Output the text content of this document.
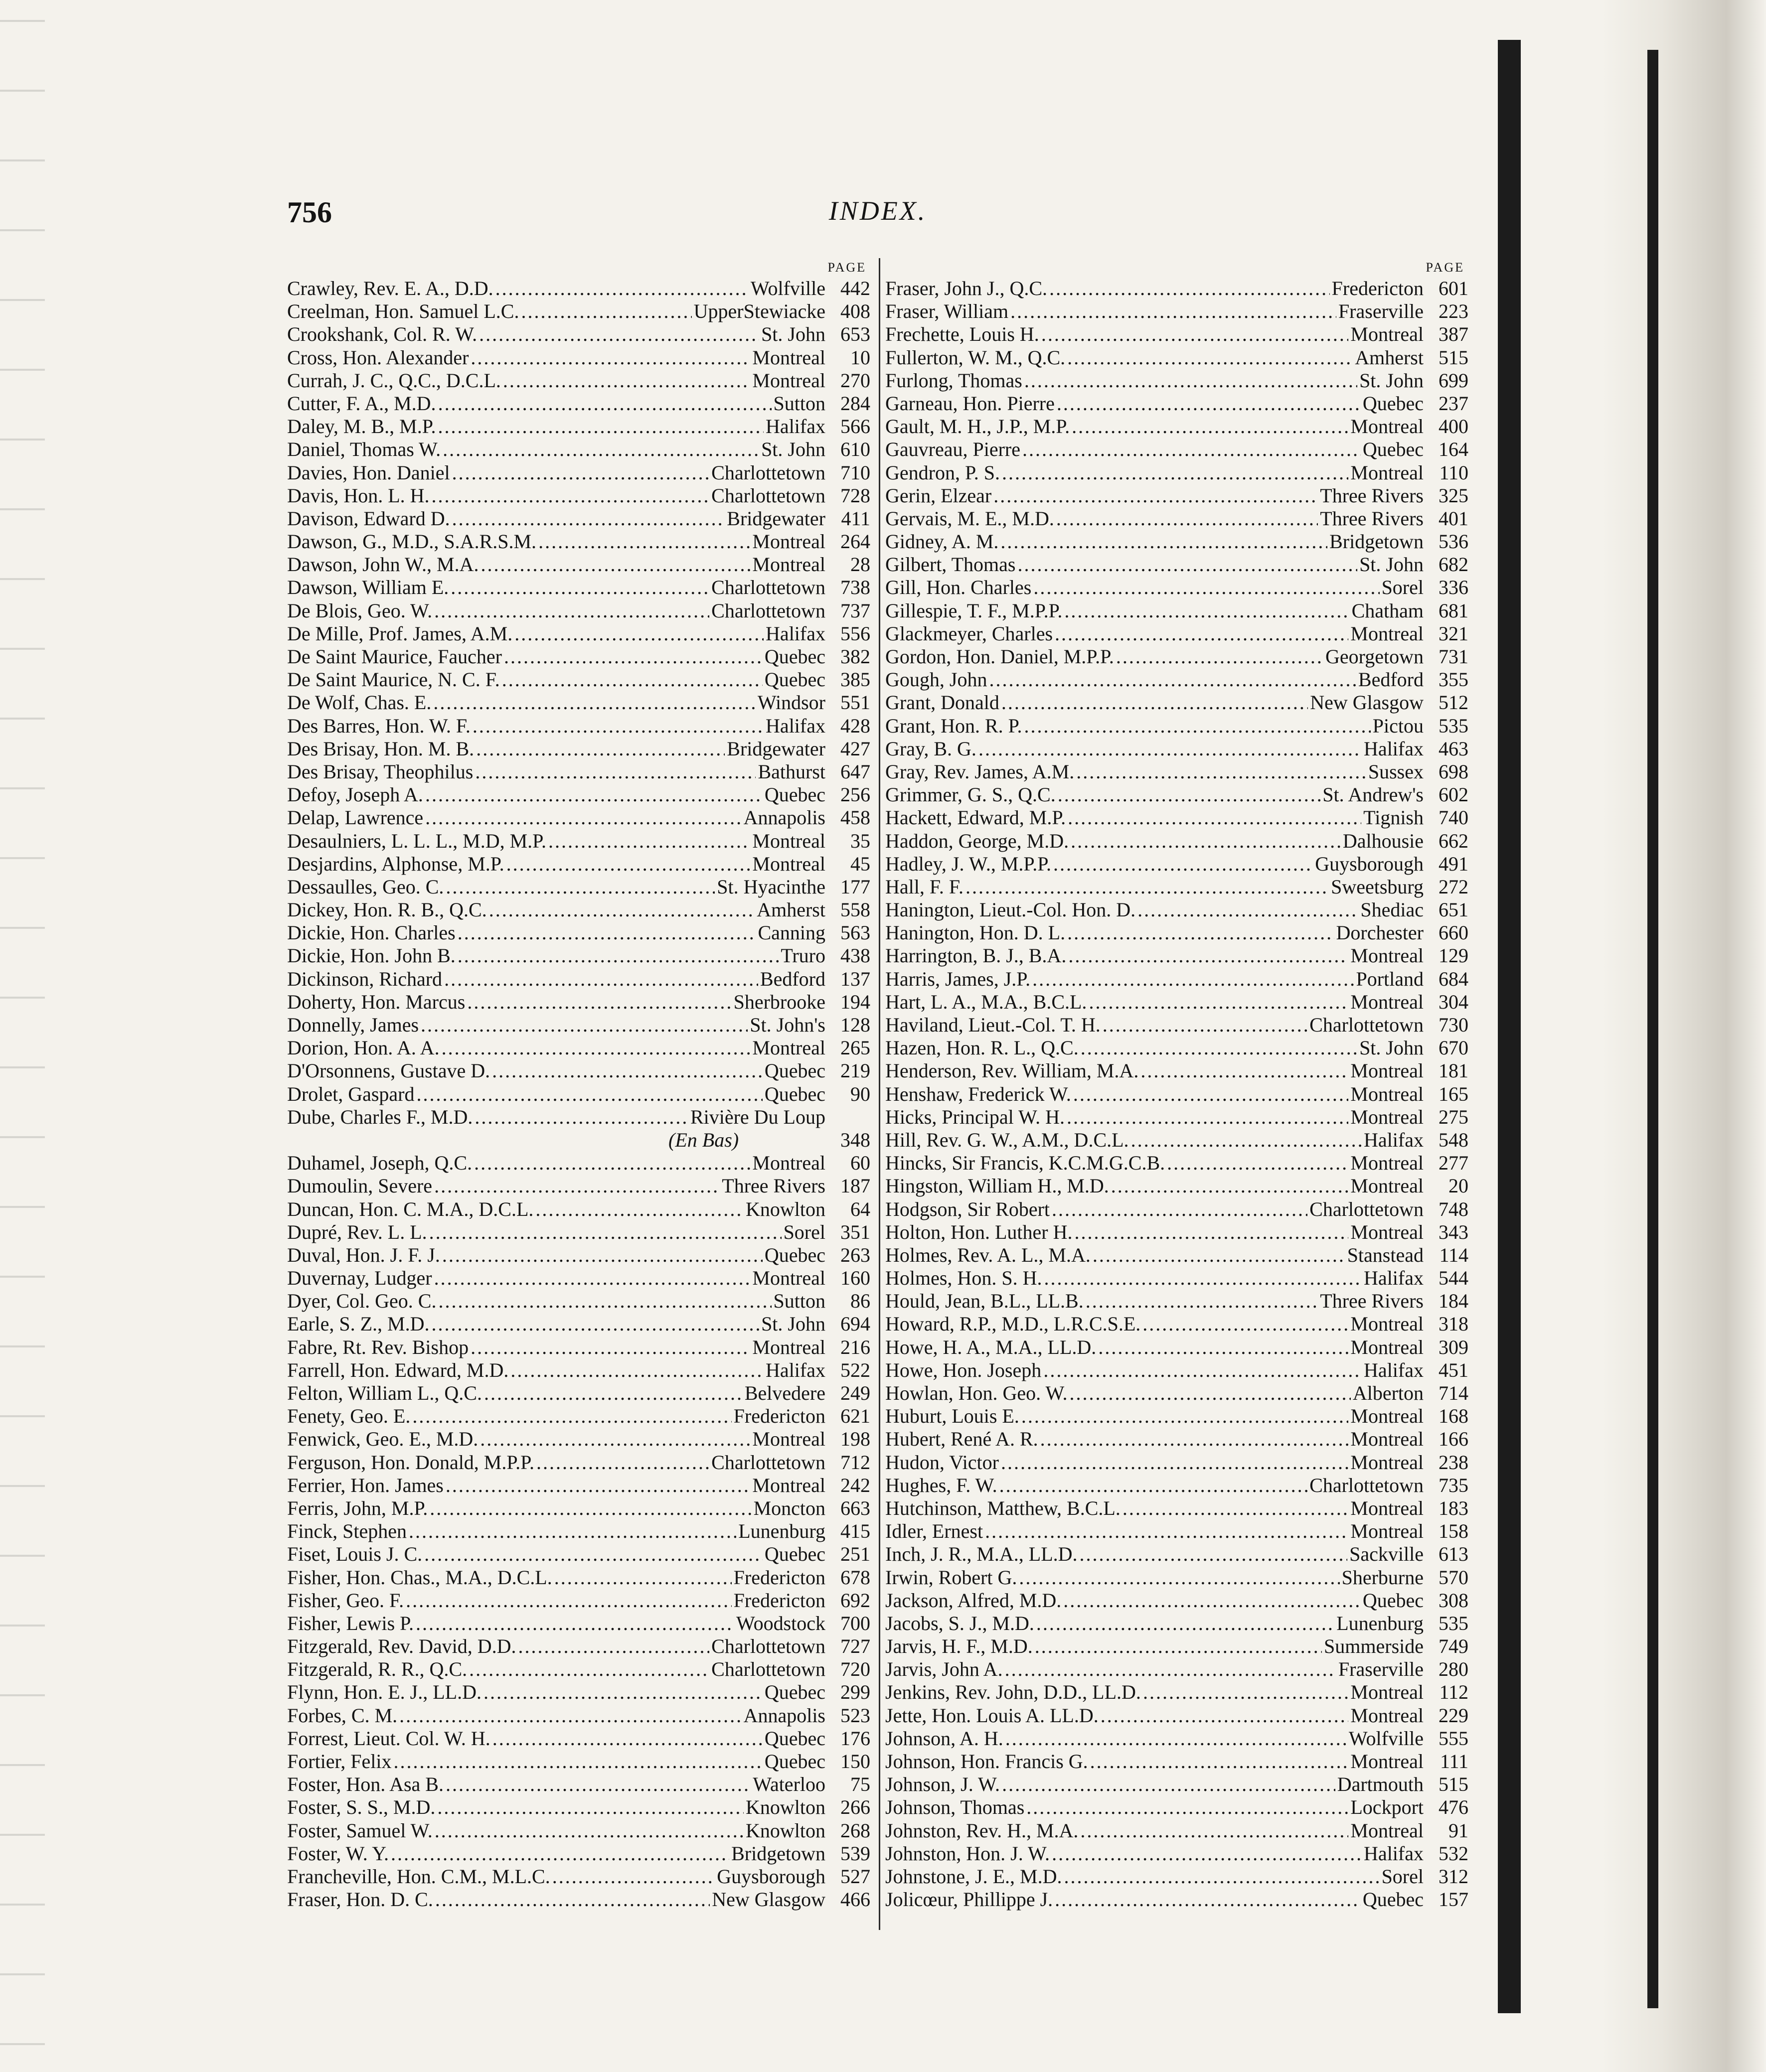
INDEX.
756
PAGE
Crawley, Rev. E. A., D.D. .....	Wolfville 442
Creelman, Hon. Samuel L.C. .....	UpperStewiacke 408
Crookshank, Col. R. W. .....	St. John 653
Cross, Hon. Alexander .....	Montreal	10
Currah, J. C., Q.C., D.C.L. .....	Montreal 270
Cutter, F. A., M.D. .....	Sutton 284
Daley, M. B., M.P. .....	Halifax 566
Daniel, Thomas W. .....	St. John 610
Davies, Hon. Daniel .....	Charlottetown 710
Davis, Hon. L. H. .....	Charlottetown 728
Davison, Edward D. .....	Bridgewater 411
Dawson, G., M.D., S.A.R.S.M. .....	Montreal 264
Dawson, John W., M.A. .....	Montreal	28
Dawson, William E. .....	Charlottetown 738
De Blois, Geo. W. .....	Charlottetown 737
De Mille, Prof. James, A.M. .....	Halifax 556
De Saint Maurice, Faucher .....	Quebec 382
De Saint Maurice, N. C. F. .....	Quebec 385
De Wolf, Chas. E. .....	Windsor 551
Des Barres, Hon. W. F. .....	Halifax 428
Des Brisay, Hon. M. B. .....	Bridgewater 427
Des Brisay, Theophilus .....	Bathurst 647
Defoy, Joseph A. .....	Quebec 256
Delap, Lawrence .....	Annapolis 458
Desaulniers, L. L. L., M.D, M.P. .....	Montreal	35
Desjardins, Alphonse, M.P. .....	Montreal	45
Dessaulles, Geo. C. .....	St. Hyacinthe 177
Dickey, Hon. R. B., Q.C. .....	Amherst 558
Dickie, Hon. Charles .....	Canning 563
Dickie, Hon. John B. .....	Truro 438
Dickinson, Richard .....	Bedford 137
Doherty, Hon. Marcus .....	Sherbrooke 194
Donnelly, James .....	St. John's 128
Dorion, Hon. A. A. .....	Montreal 265
D'Orsonnens, Gustave D. .....	Quebec 219
Drolet, Gaspard .....	Quebec	90
Dube, Charles F., M.D. .....	Rivière Du Loup
(En Bas)	348
Duhamel, Joseph, Q.C. .....	Montreal	60
Dumoulin, Severe .....	Three Rivers 187
Duncan, Hon. C. M.A., D.C.L. .....	Knowlton	64
Dupré, Rev. L. L. .....	Sorel 351
Duval, Hon. J. F. J. .....	Quebec 263
Duvernay, Ludger .....	Montreal 160
Dyer, Col. Geo. C. .....	Sutton	86
Earle, S. Z., M.D. .....	St. John 694
Fabre, Rt. Rev. Bishop .....	Montreal 216
Farrell, Hon. Edward, M.D. .....	Halifax 522
Felton, William L., Q.C. .....	Belvedere 249
Fenety, Geo. E. .....	Fredericton 621
Fenwick, Geo. E., M.D. .....	Montreal 198
Ferguson, Hon. Donald, M.P.P. .....	Charlottetown 712
Ferrier, Hon. James .....	Montreal 242
Ferris, John, M.P. .....	Moncton 663
Finck, Stephen .....	Lunenburg 415
Fiset, Louis J. C. .....	Quebec 251
Fisher, Hon. Chas., M.A., D.C.L. .....	Fredericton 678
Fisher, Geo. F. .....	Fredericton 692
Fisher, Lewis P. .....	Woodstock 700
Fitzgerald, Rev. David, D.D. .....	Charlottetown 727
Fitzgerald, R. R., Q.C. .....	Charlottetown 720
Flynn, Hon. E. J., LL.D. .....	Quebec 299
Forbes, C. M. .....	Annapolis 523
Forrest, Lieut. Col. W. H. .....	Quebec 176
Fortier, Felix .....	Quebec 150
Foster, Hon. Asa B. .....	Waterloo	75
Foster, S. S., M.D. .....	Knowlton 266
Foster, Samuel W. .....	Knowlton 268
Foster, W. Y. .....	Bridgetown 539
Francheville, Hon. C.M., M.L.C. .....	Guysborough 527
Fraser, Hon. D. C. .....	New Glasgow 466
PAGE
Fraser, John J., Q.C. .....	Fredericton 601
Fraser, William .....	Fraserville 223
Frechette, Louis H. .....	Montreal 387
Fullerton, W. M., Q.C. .....	Amherst 515
Furlong, Thomas .....	St. John 699
Garneau, Hon. Pierre .....	Quebec 237
Gault, M. H., J.P., M.P. .....	Montreal 400
Gauvreau, Pierre .....	Quebec 164
Gendron, P. S. .....	Montreal 110
Gerin, Elzear .....	Three Rivers 325
Gervais, M. E., M.D. .....	Three Rivers 401
Gidney, A. M. .....	Bridgetown 536
Gilbert, Thomas .....	St. John 682
Gill, Hon. Charles .....	Sorel 336
Gillespie, T. F., M.P.P. .....	Chatham 681
Glackmeyer, Charles .....	Montreal 321
Gordon, Hon. Daniel, M.P.P. .....	Georgetown 731
Gough, John .....	Bedford 355
Grant, Donald .....	New Glasgow 512
Grant, Hon. R. P. .....	Pictou 535
Gray, B. G. .....	Halifax 463
Gray, Rev. James, A.M. .....	Sussex 698
Grimmer, G. S., Q.C. .....	St. Andrew's 602
Hackett, Edward, M.P. .....	Tignish 740
Haddon, George, M.D. .....	Dalhousie 662
Hadley, J. W., M.P.P. .....	Guysborough 491
Hall, F. F. .....	Sweetsburg 272
Hanington, Lieut.-Col. Hon. D. .....	Shediac 651
Hanington, Hon. D. L. .....	Dorchester 660
Harrington, B. J., B.A. .....	Montreal 129
Harris, James, J.P. .....	Portland 684
Hart, L. A., M.A., B.C.L. .....	Montreal 304
Haviland, Lieut.-Col. T. H. .....	Charlottetown 730
Hazen, Hon. R. L., Q.C. .....	St. John 670
Henderson, Rev. William, M.A. .....	Montreal 181
Henshaw, Frederick W. .....	Montreal 165
Hicks, Principal W. H. .....	Montreal 275
Hill, Rev. G. W., A.M., D.C.L. .....	Halifax 548
Hincks, Sir Francis, K.C.M.G.C.B. .....	Montreal 277
Hingston, William H., M.D. .....	Montreal	20
Hodgson, Sir Robert .....	Charlottetown 748
Holton, Hon. Luther H. .....	Montreal 343
Holmes, Rev. A. L., M.A. .....	Stanstead 114
Holmes, Hon. S. H. .....	Halifax 544
Hould, Jean, B.L., LL.B. .....	Three Rivers 184
Howard, R.P., M.D., L.R.C.S.E. .....	Montreal 318
Howe, H. A., M.A., LL.D. .....	Montreal 309
Howe, Hon. Joseph .....	Halifax 451
Howlan, Hon. Geo. W. .....	Alberton 714
Huburt, Louis E. .....	Montreal 168
Hubert, René A. R. .....	Montreal 166
Hudon, Victor .....	Montreal 238
Hughes, F. W. .....	Charlottetown 735
Hutchinson, Matthew, B.C.L. .....	Montreal 183
Idler, Ernest .....	Montreal 158
Inch, J. R., M.A., LL.D. .....	Sackville 613
Irwin, Robert G. .....	Sherburne 570
Jackson, Alfred, M.D. .....	Quebec 308
Jacobs, S. J., M.D. .....	Lunenburg 535
Jarvis, H. F., M.D. .....	Summerside 749
Jarvis, John A. .....	Fraserville 280
Jenkins, Rev. John, D.D., LL.D. .....	Montreal 112
Jette, Hon. Louis A. LL.D. .....	Montreal 229
Johnson, A. H. .....	Wolfville 555
Johnson, Hon. Francis G. .....	Montreal 111
Johnson, J. W. .....	Dartmouth 515
Johnson, Thomas .....	Lockport 476
Johnston, Rev. H., M.A. .....	Montreal	91
Johnston, Hon. J. W. .....	Halifax 532
Johnstone, J. E., M.D. .....	Sorel 312
Jolicœur, Phillippe J. .....	Quebec 157
